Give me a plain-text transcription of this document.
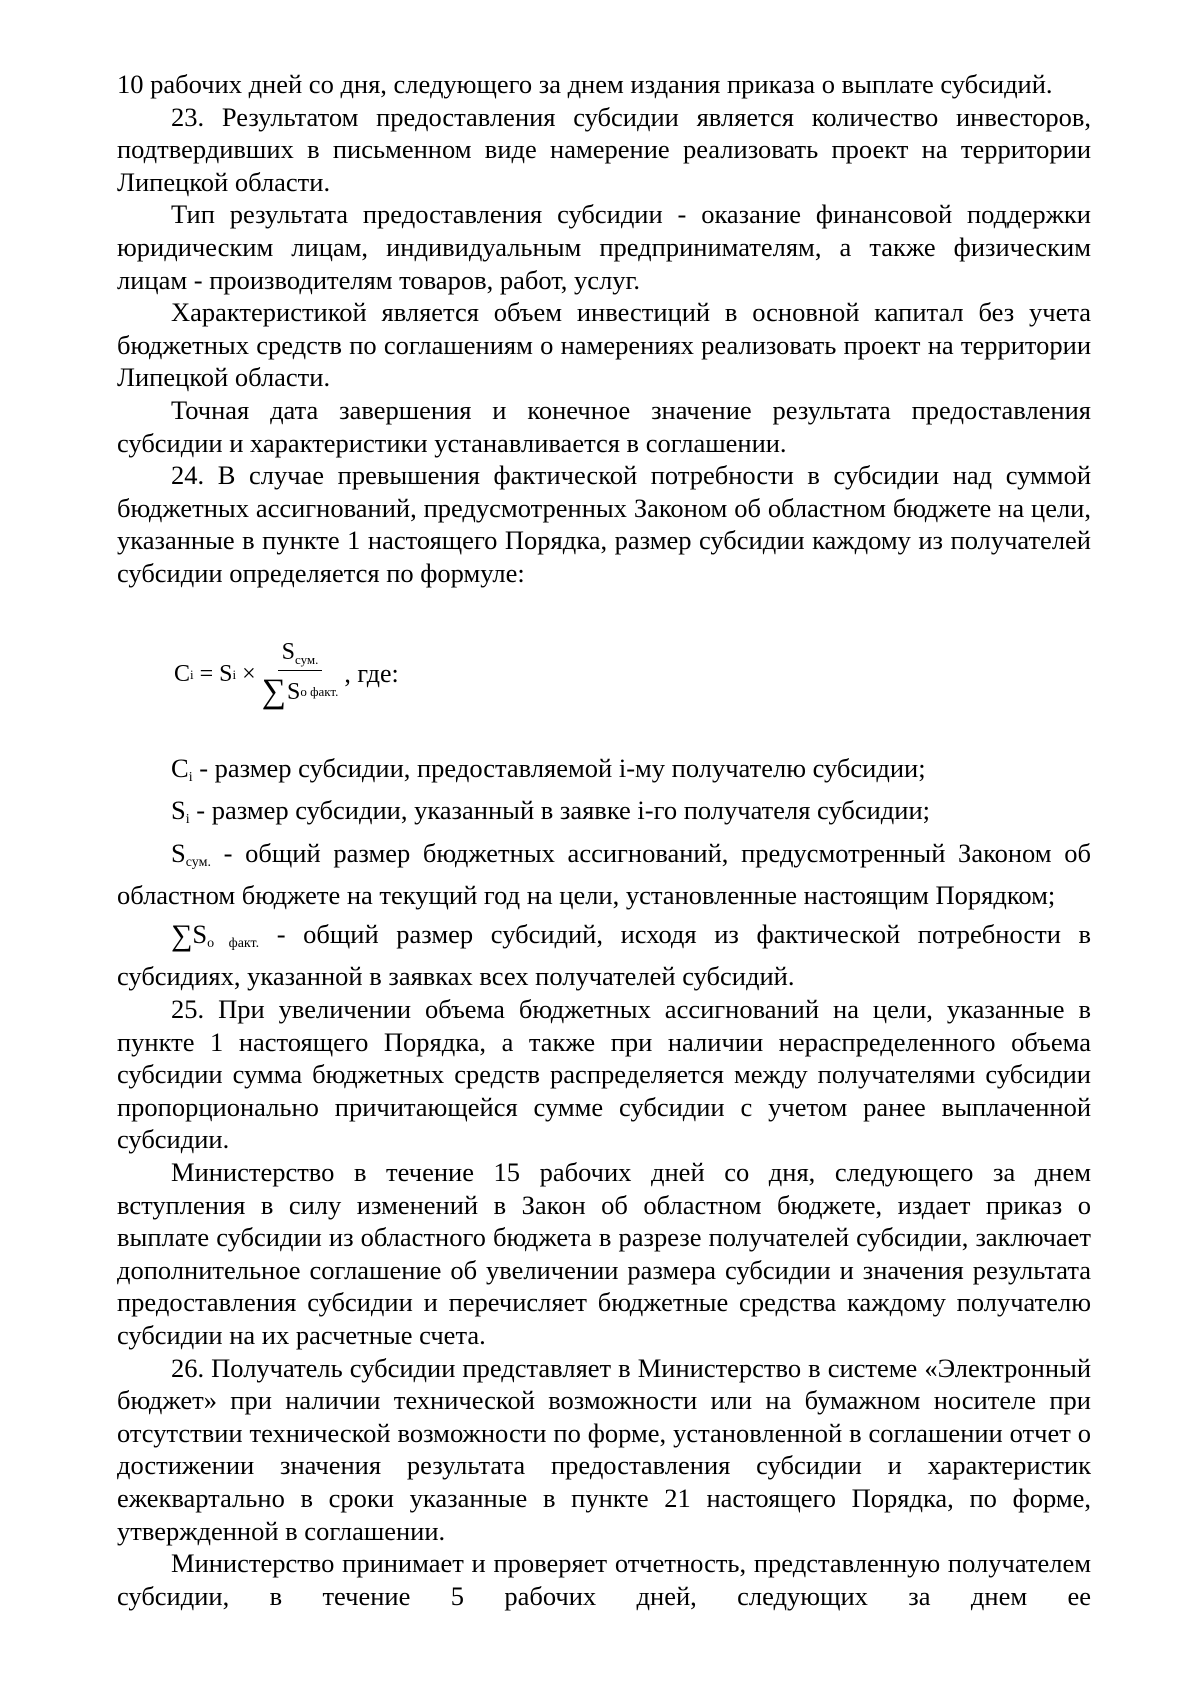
10 рабочих дней со дня, следующего за днем издания приказа о выплате субсидий.

23. Результатом предоставления субсидии является количество инвесторов, подтвердивших в письменном виде намерение реализовать проект на территории Липецкой области.

Тип результата предоставления субсидии - оказание финансовой поддержки юридическим лицам, индивидуальным предпринимателям, а также физическим лицам - производителям товаров, работ, услуг.

Характеристикой является объем инвестиций в основной капитал без учета бюджетных средств по соглашениям о намерениях реализовать проект на территории Липецкой области.

Точная дата завершения и конечное значение результата предоставления субсидии и характеристики устанавливается в соглашении.

24. В случае превышения фактической потребности в субсидии над суммой бюджетных ассигнований, предусмотренных Законом об областном бюджете на цели, указанные в пункте 1 настоящего Порядка, размер субсидии каждому из получателей субсидии определяется по формуле:

C i = S $i \times \frac{S_{сум.}}{\text{∑ S о факт.}}$ , где:

Ci - размер субсидии, предоставляемой i-му получателю субсидии;

Si - размер субсидии, указанный в заявке i-го получателя субсидии;

Sсум. - общий размер бюджетных ассигнований, предусмотренный Законом об областном бюджете на текущий год на цели, установленные настоящим Порядком;

∑Sо факт. - общий размер субсидий, исходя из фактической потребности в субсидиях, указанной в заявках всех получателей субсидий.

25. При увеличении объема бюджетных ассигнований на цели, указанные в пункте 1 настоящего Порядка, а также при наличии нераспределенного объема субсидии сумма бюджетных средств распределяется между получателями субсидии пропорционально причитающейся сумме субсидии с учетом ранее выплаченной субсидии.

Министерство в течение 15 рабочих дней со дня, следующего за днем вступления в силу изменений в Закон об областном бюджете, издает приказ о выплате субсидии из областного бюджета в разрезе получателей субсидии, заключает дополнительное соглашение об увеличении размера субсидии и значения результата предоставления субсидии и перечисляет бюджетные средства каждому получателю субсидии на их расчетные счета.

26. Получатель субсидии представляет в Министерство в системе «Электронный бюджет» при наличии технической возможности или на бумажном носителе при отсутствии технической возможности по форме, установленной в соглашении отчет о достижении значения результата предоставления субсидии и характеристик ежеквартально в сроки указанные в пункте 21 настоящего Порядка, по форме, утвержденной в соглашении.

Министерство принимает и проверяет отчетность, представленную получателем субсидии, в течение 5 рабочих дней, следующих за днем ее
